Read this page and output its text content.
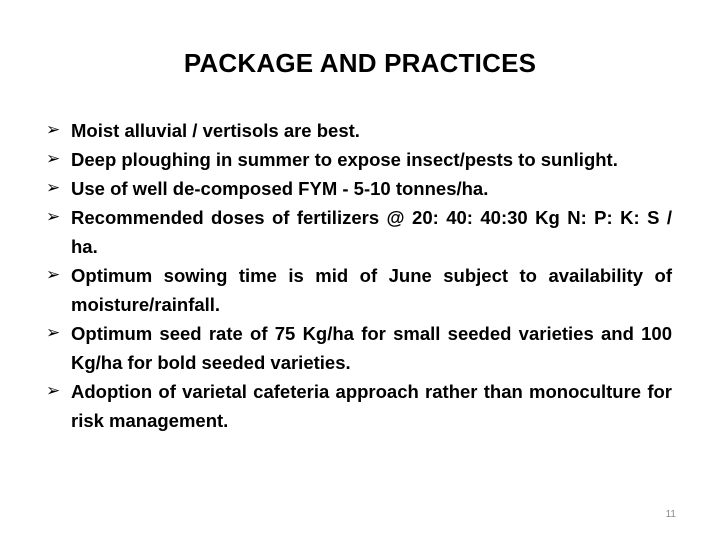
PACKAGE AND PRACTICES
➢ Moist alluvial / vertisols are best.
➢ Deep ploughing in summer to expose insect/pests to sunlight.
➢ Use of well de-composed FYM - 5-10 tonnes/ha.
➢ Recommended doses of fertilizers @ 20: 40: 40:30 Kg N: P: K: S / ha.
➢ Optimum sowing time is mid of June subject to availability of moisture/rainfall.
➢ Optimum seed rate of 75 Kg/ha for small seeded varieties and 100 Kg/ha for bold seeded varieties.
➢ Adoption of varietal cafeteria approach rather than monoculture for risk management.
11
